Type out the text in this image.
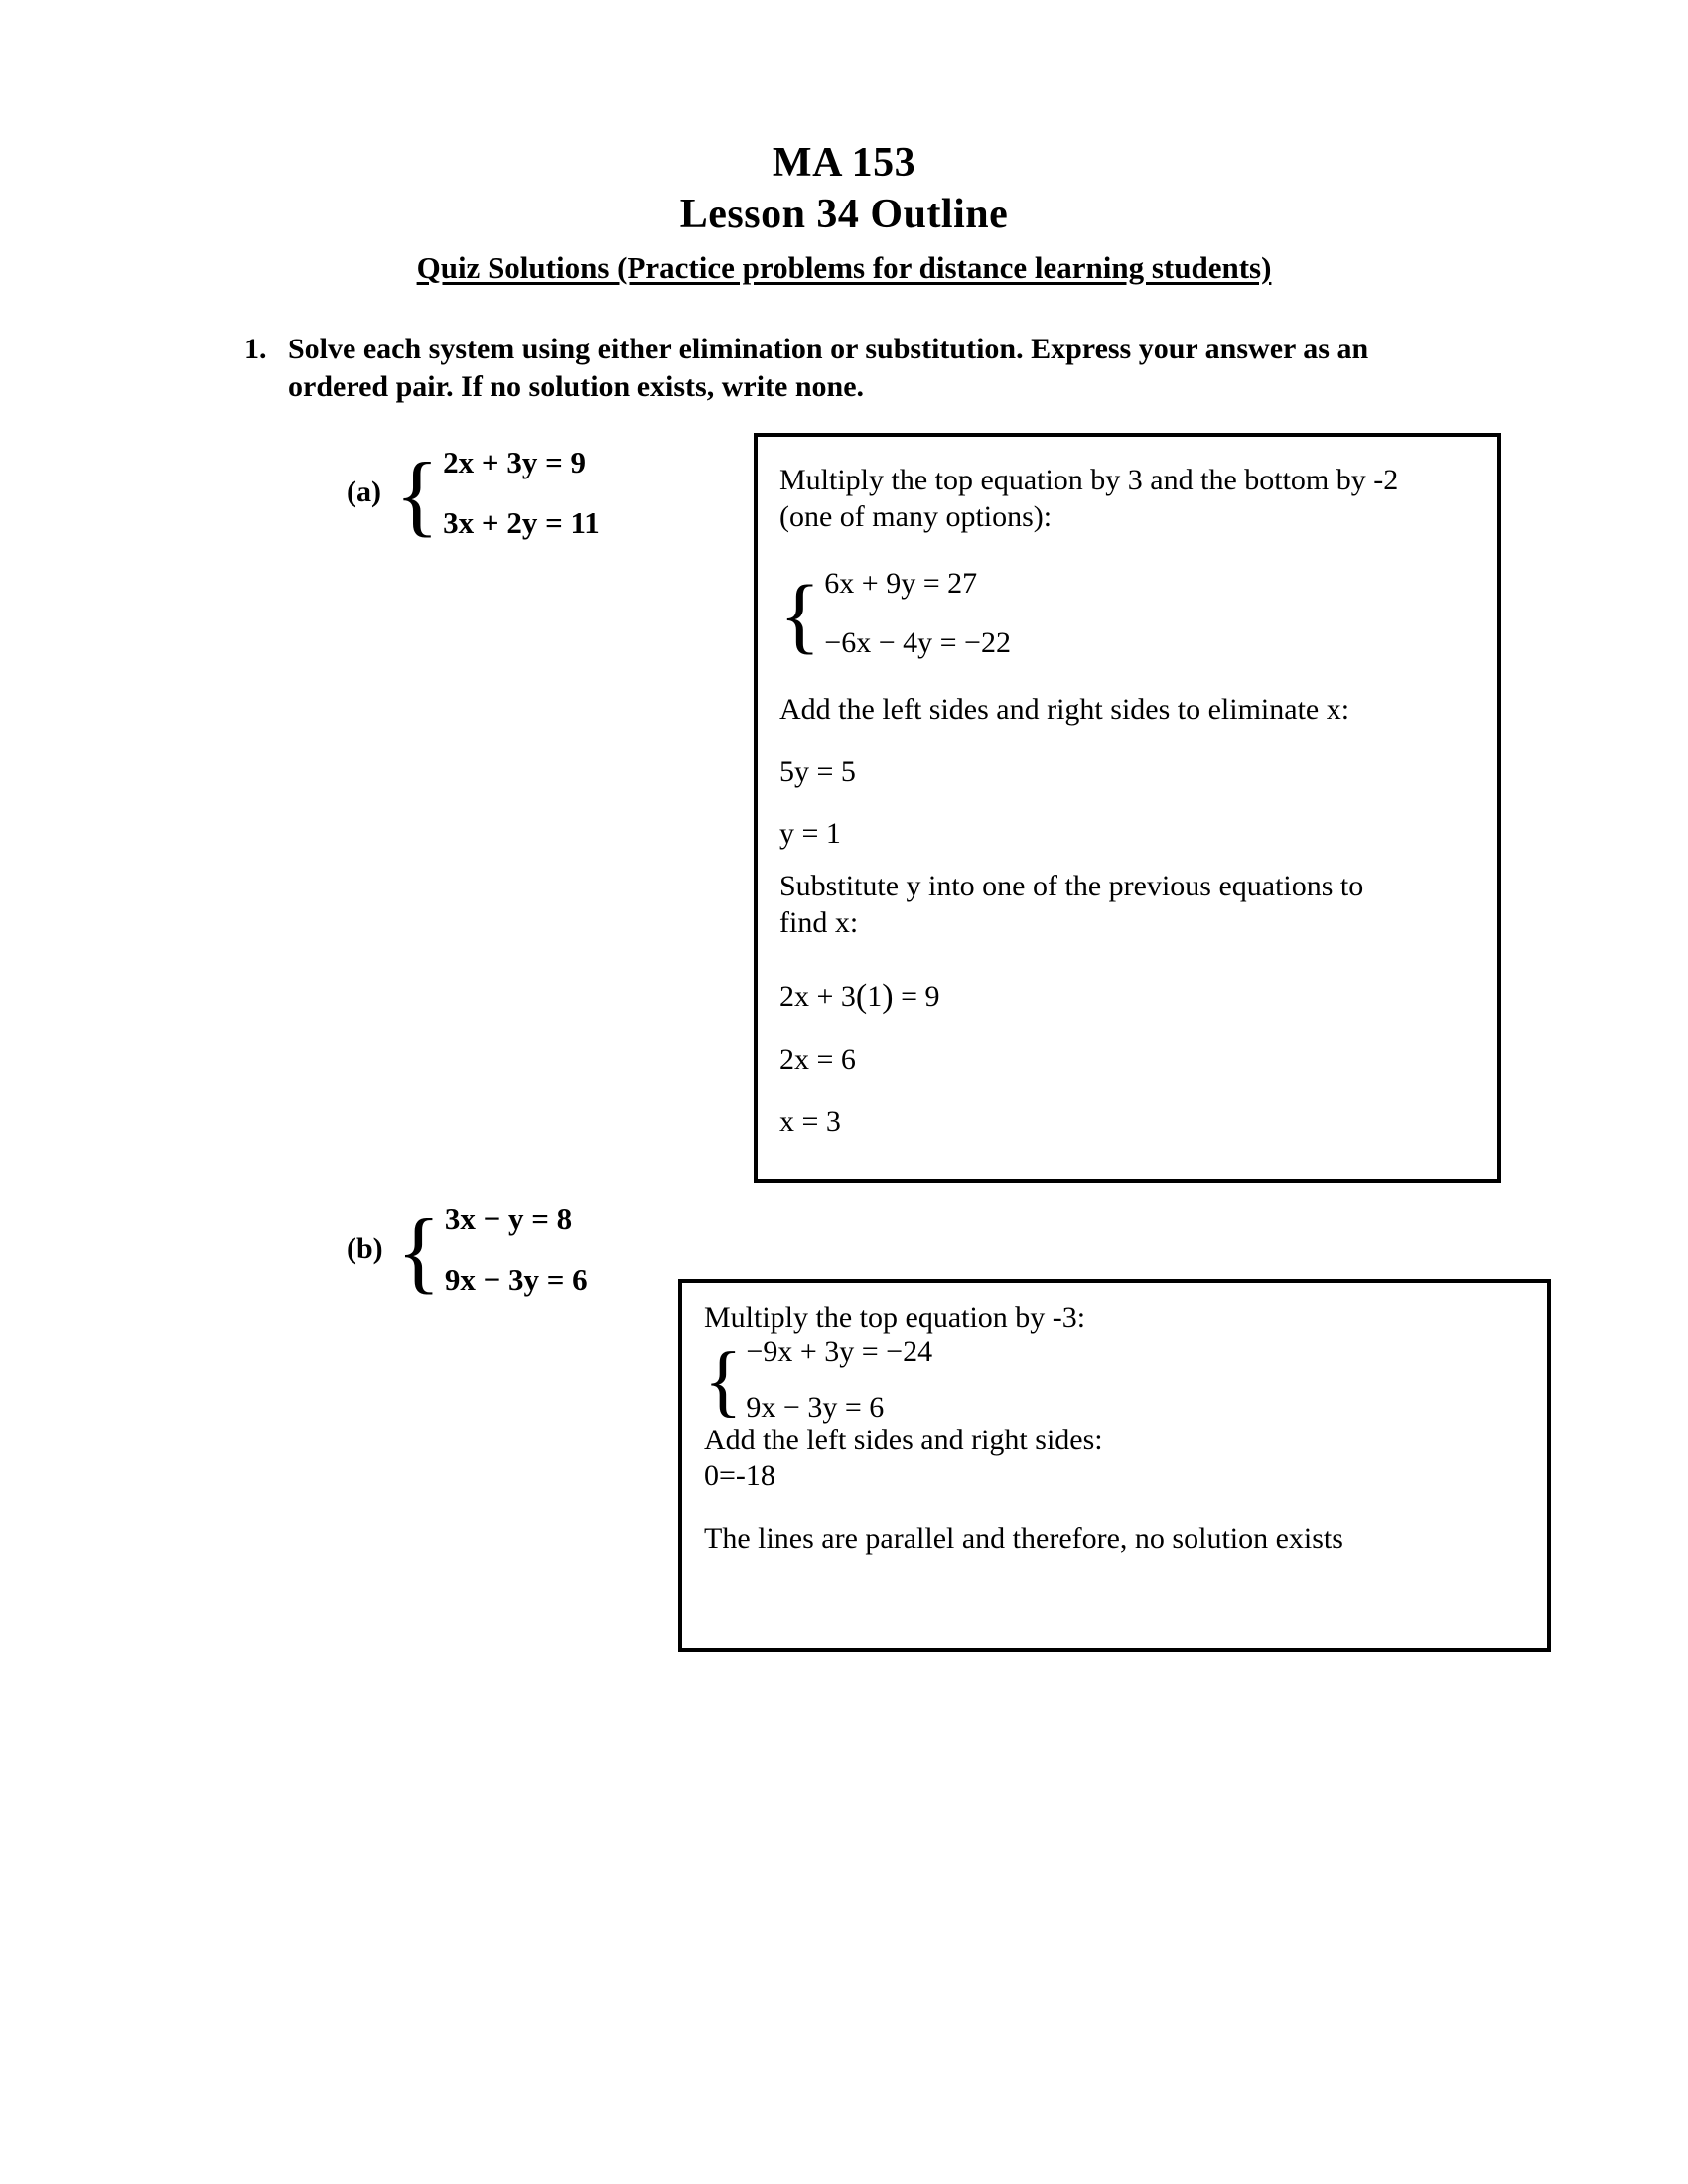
MA 153
Lesson 34 Outline
Quiz Solutions (Practice problems for distance learning students)
1. Solve each system using either elimination or substitution. Express your answer as an
ordered pair. If no solution exists, write none.
(a) { 2x + 3y = 9
3x + 2y = 11
Multiply the top equation by 3 and the bottom by -2
(one of many options):
{ 6x + 9y = 27
−6x − 4y = −22
Add the left sides and right sides to eliminate x:
5y = 5
y = 1
Substitute y into one of the previous equations to
find x:
2x + 3(1) = 9
2x = 6
x = 3
(b) { 3x − y = 8
9x − 3y = 6
Multiply the top equation by -3:
{ −9x + 3y = −24
9x − 3y = 6
Add the left sides and right sides:
0=-18
The lines are parallel and therefore, no solution exists
